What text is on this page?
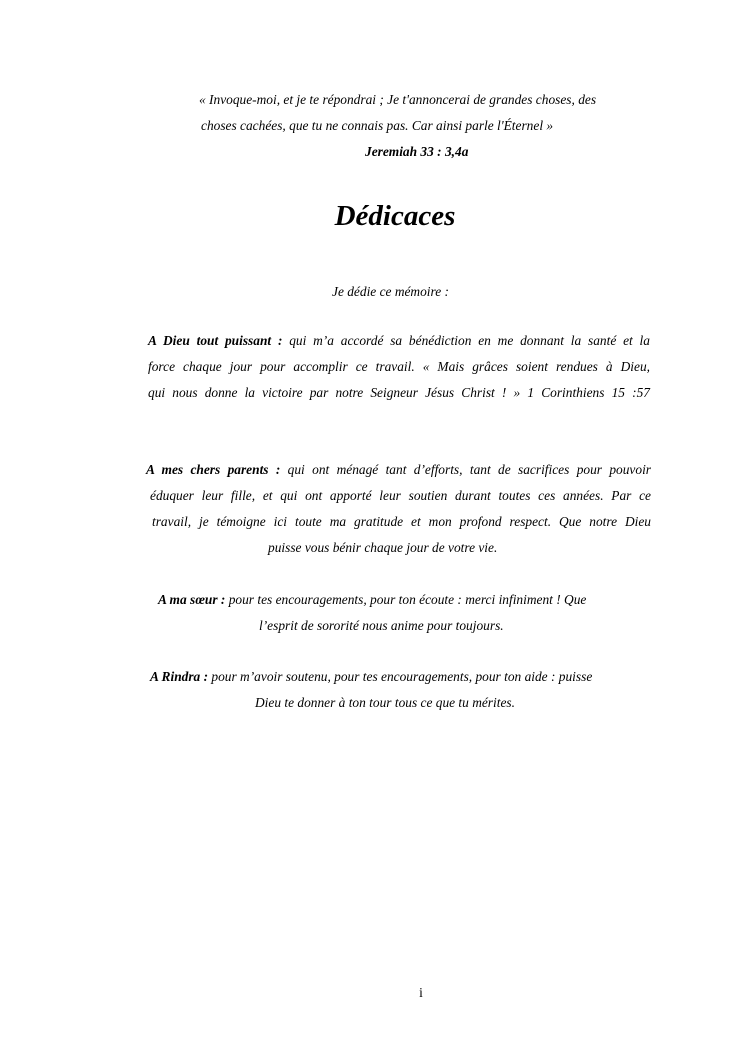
« Invoque-moi, et je te répondrai ; Je t'annoncerai de grandes choses, des
choses cachées, que tu ne connais pas. Car ainsi parle l'Éternel »
Jeremiah 33 : 3,4a
Dédicaces
Je dédie ce mémoire :
A Dieu tout puissant : qui m’a accordé sa bénédiction en me donnant la santé et la
force chaque jour pour accomplir ce travail. « Mais grâces soient rendues à Dieu,
qui nous donne la victoire par notre Seigneur Jésus Christ ! » 1 Corinthiens 15 :57
A mes chers parents : qui ont ménagé tant d’efforts, tant de sacrifices pour pouvoir
éduquer leur fille, et qui ont apporté leur soutien durant toutes ces années. Par ce
travail, je témoigne ici toute ma gratitude et mon profond respect. Que notre Dieu
puisse vous bénir chaque jour de votre vie.
A ma sœur : pour tes encouragements, pour ton écoute : merci infiniment ! Que
l’esprit de sororité nous anime pour toujours.
A Rindra : pour m’avoir soutenu, pour tes encouragements, pour ton aide : puisse
Dieu te donner à ton tour tous ce que tu mérites.
i
